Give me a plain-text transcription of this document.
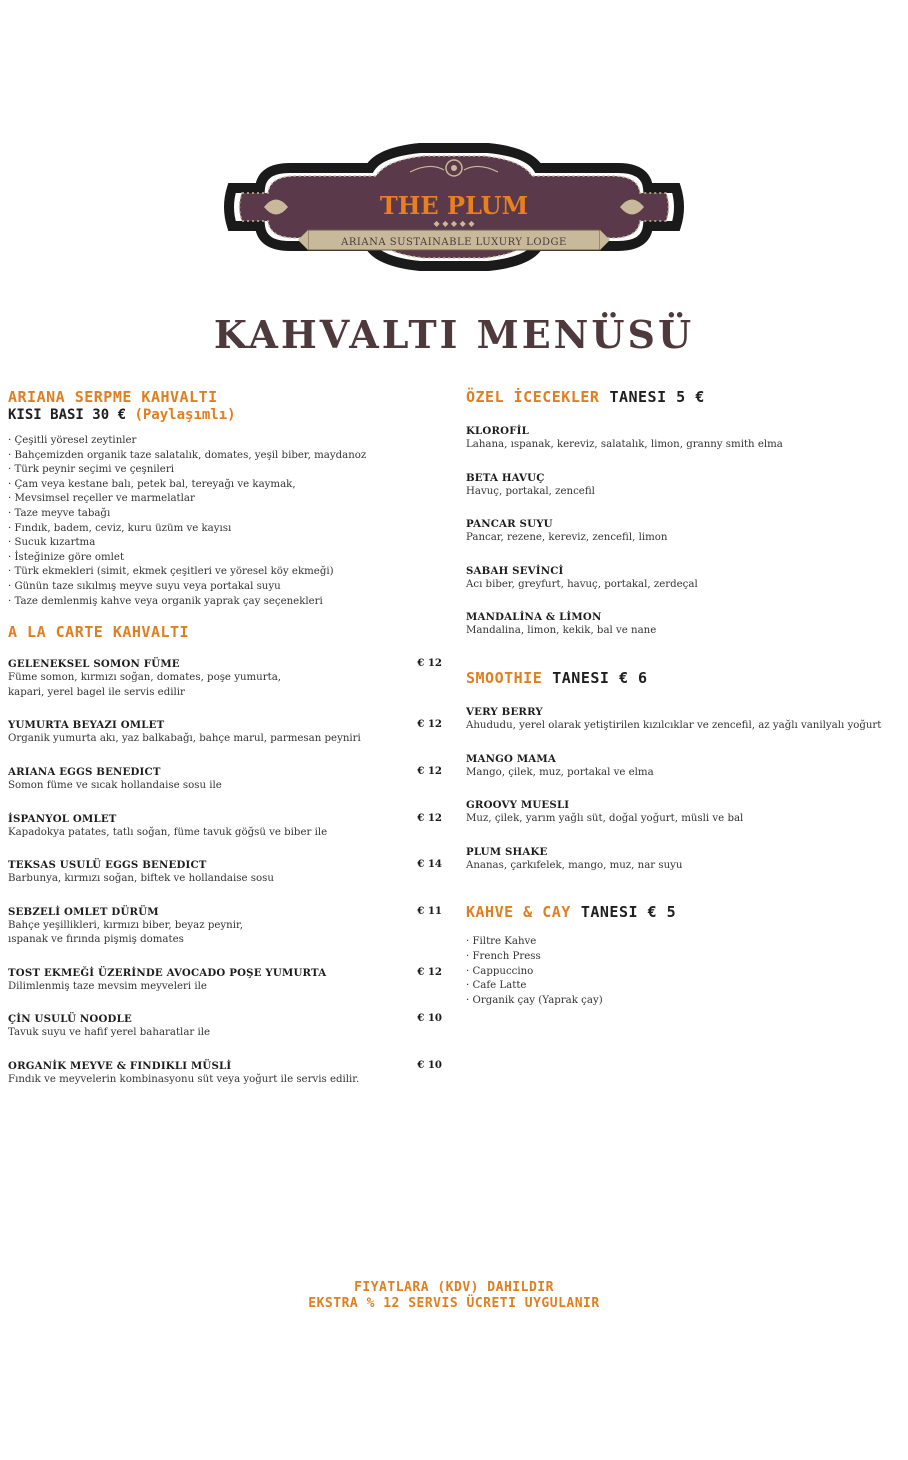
THE PLUM
ARIANA SUSTAINABLE LUXURY LODGE
◆ ◆ ◆ ◆ ◆
KAHVALTI MENÜSÜ
ARIANA SERPME KAHVALTI
KISI BASI 30 € (Paylaşımlı)
· Çeşitli yöresel zeytinler
· Bahçemizden organik taze salatalık, domates, yeşil biber, maydanoz
· Türk peynir seçimi ve çeşnileri
· Çam veya kestane balı, petek bal, tereyağı ve kaymak,
· Mevsimsel reçeller ve marmelatlar
· Taze meyve tabağı
· Fındık, badem, ceviz, kuru üzüm ve kayısı
· Sucuk kızartma
· İsteğinize göre omlet
· Türk ekmekleri (simit, ekmek çeşitleri ve yöresel köy ekmeği)
· Günün taze sıkılmış meyve suyu veya portakal suyu
· Taze demlenmiş kahve veya organik yaprak çay seçenekleri
A LA CARTE KAHVALTI
GELENEKSEL SOMON FÜME
Füme somon, kırmızı soğan, domates, poşe yumurta,
kapari, yerel bagel ile servis edilir
€ 12
YUMURTA BEYAZI OMLET
Organik yumurta akı, yaz balkabağı, bahçe marul, parmesan peyniri
€ 12
ARIANA EGGS BENEDICT
Somon füme ve sıcak hollandaise sosu ile
€ 12
İSPANYOL OMLET
Kapadokya patates, tatlı soğan, füme tavuk göğsü ve biber ile
€ 12
TEKSAS USULÜ EGGS BENEDICT
Barbunya, kırmızı soğan, biftek ve hollandaise sosu
€ 14
SEBZELİ OMLET DÜRÜM
Bahçe yeşillikleri, kırmızı biber, beyaz peynir,
ıspanak ve fırında pişmiş domates
€ 11
TOST EKMEĞİ ÜZERİNDE AVOCADO POŞE YUMURTA
Dilimlenmiş taze mevsim meyveleri ile
€ 12
ÇİN USULÜ NOODLE
Tavuk suyu ve hafif yerel baharatlar ile
€ 10
ORGANİK MEYVE & FINDIKLI MÜSLİ
Fındık ve meyvelerin kombinasyonu süt veya yoğurt ile servis edilir.
€ 10
ÖZEL İCECEKLER TANESI 5 €
KLOROFİL
Lahana, ıspanak, kereviz, salatalık, limon, granny smith elma
BETA HAVUÇ
Havuç, portakal, zencefil
PANCAR SUYU
Pancar, rezene, kereviz, zencefil, limon
SABAH SEVİNCİ
Acı biber, greyfurt, havuç, portakal, zerdeçal
MANDALİNA & LİMON
Mandalina, limon, kekik, bal ve nane
SMOOTHIE TANESI € 6
VERY BERRY
Ahududu, yerel olarak yetiştirilen kızılcıklar ve zencefil, az yağlı vanilyalı yoğurt
MANGO MAMA
Mango, çilek, muz, portakal ve elma
GROOVY MUESLI
Muz, çilek, yarım yağlı süt, doğal yoğurt, müsli ve bal
PLUM SHAKE
Ananas, çarkıfelek, mango, muz, nar suyu
KAHVE & CAY TANESI € 5
· Filtre Kahve
· French Press
· Cappuccino
· Cafe Latte
· Organik çay (Yaprak çay)
FIYATLARA (KDV) DAHILDIR
EKSTRA % 12 SERVIS ÜCRETI UYGULANIR
